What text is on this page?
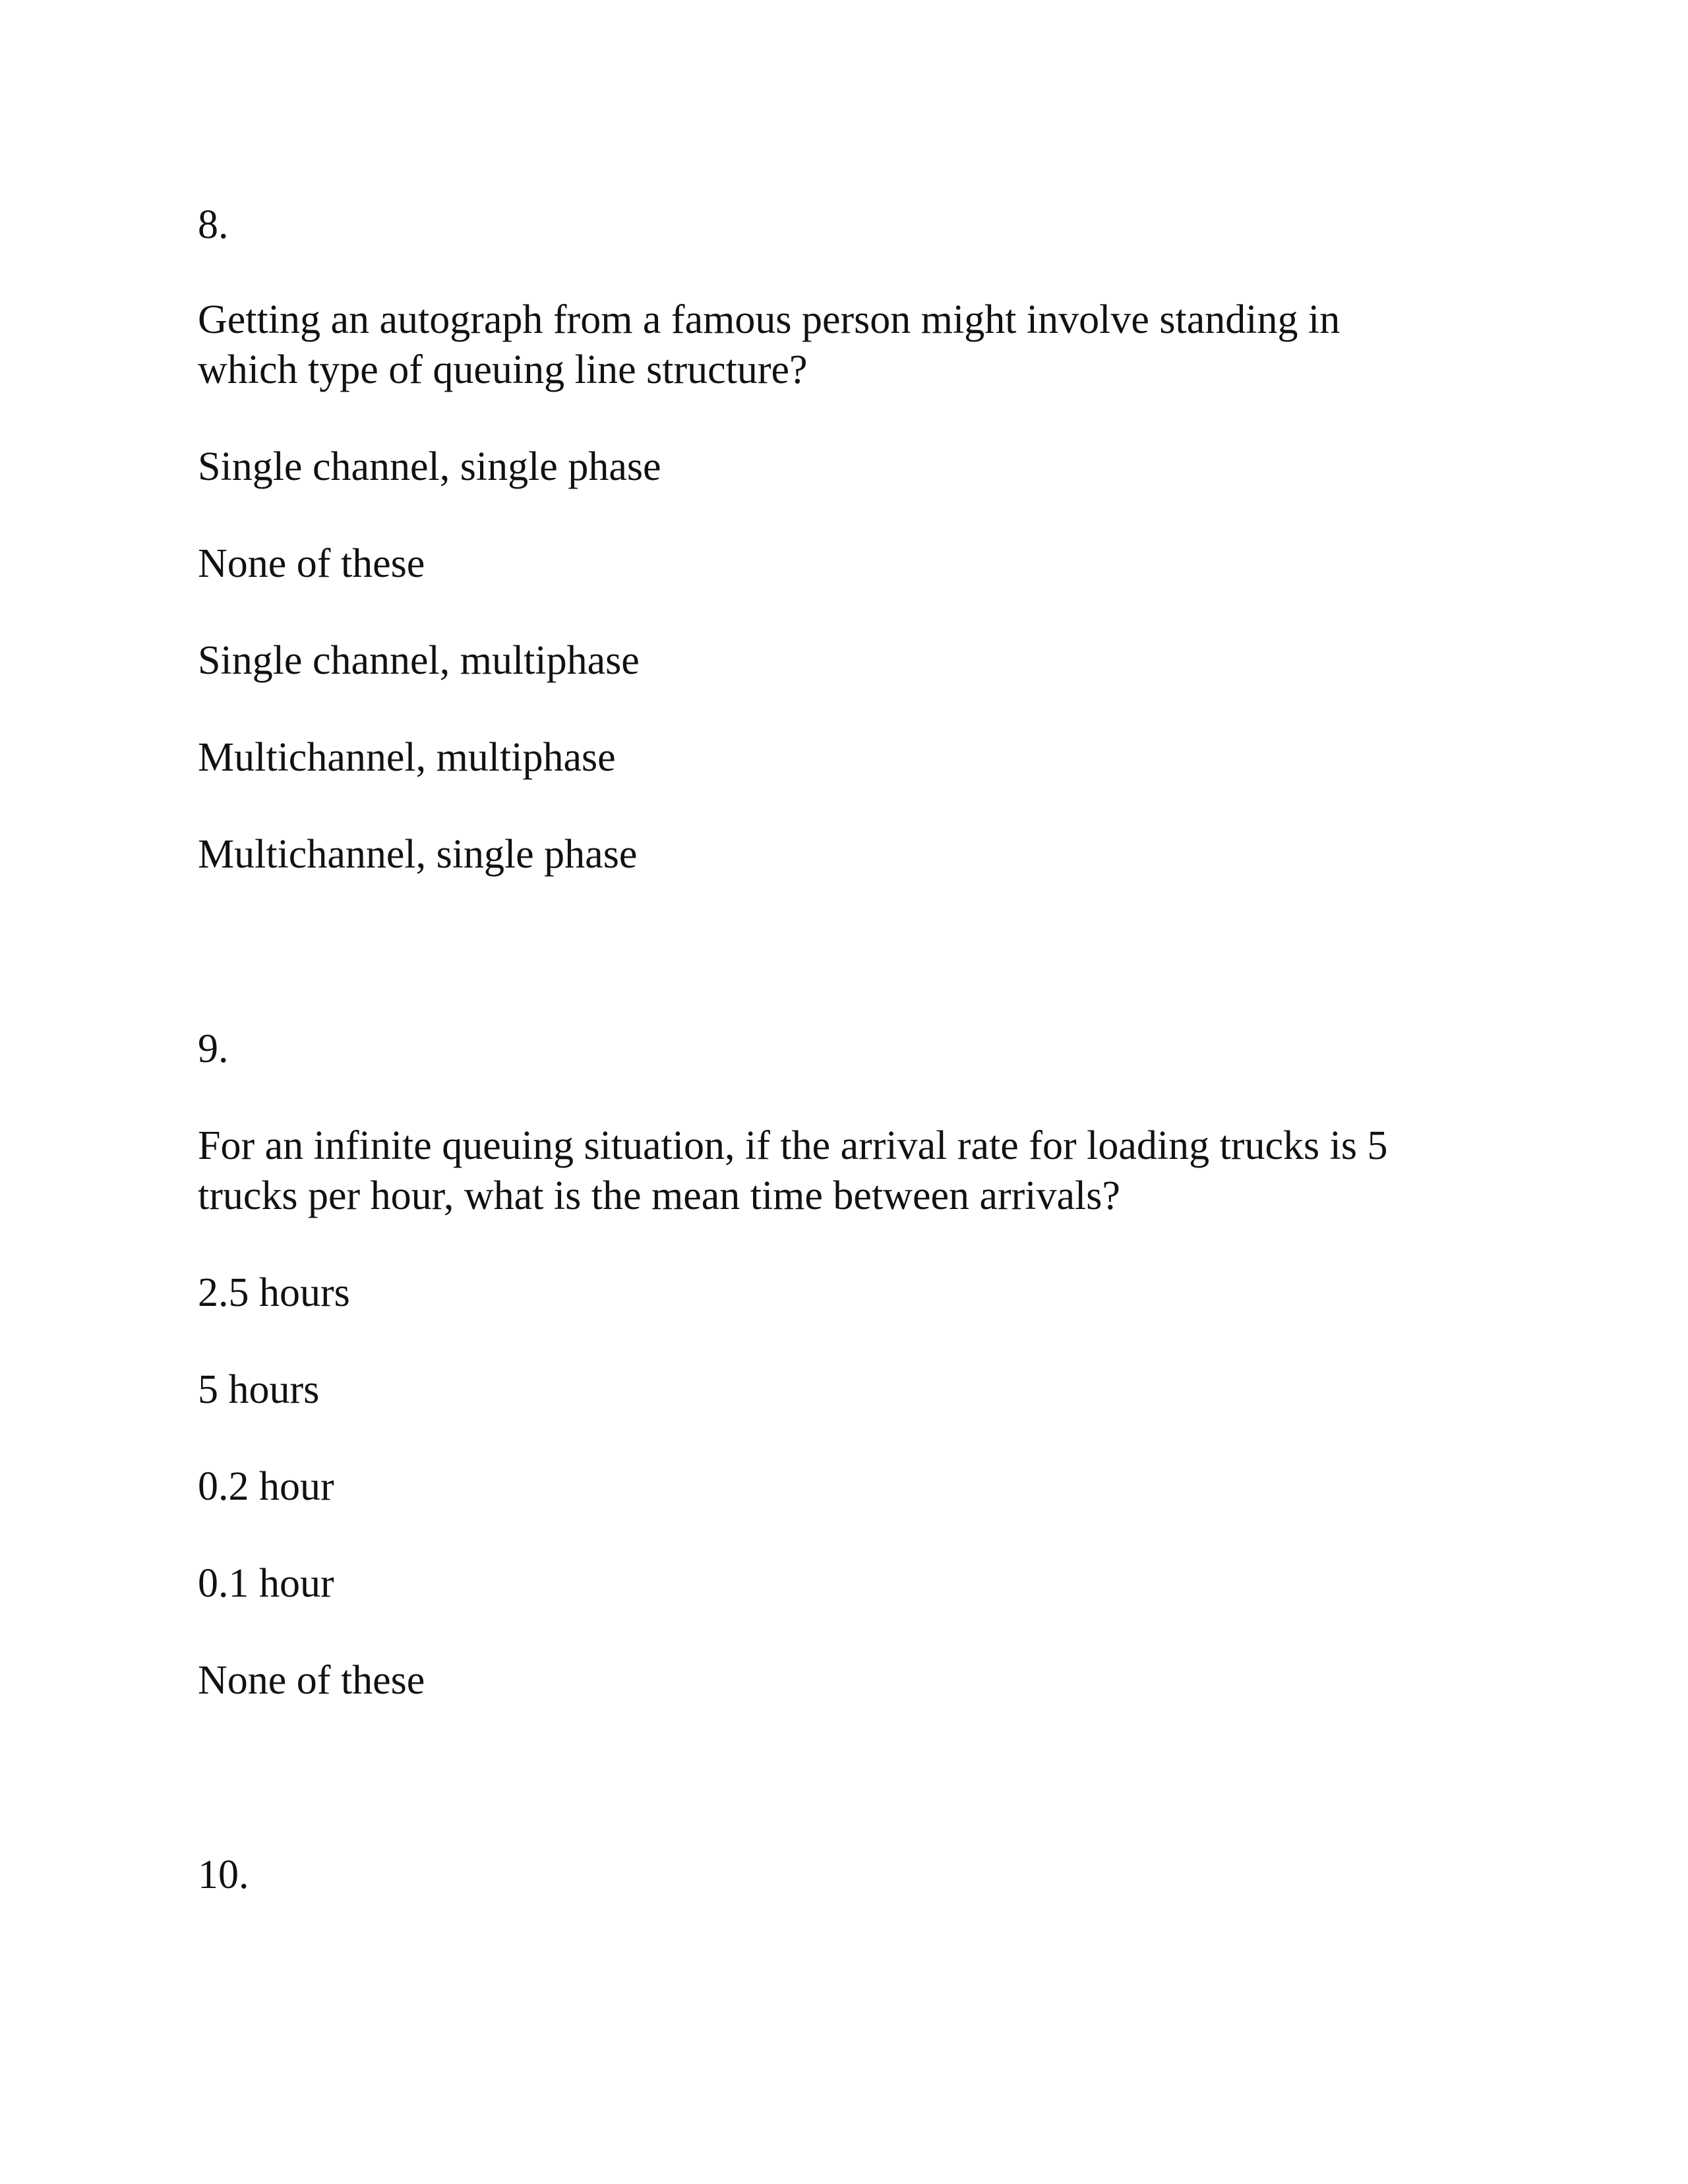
8.
Getting an autograph from a famous person might involve standing in
which type of queuing line structure?
Single channel, single phase
None of these
Single channel, multiphase
Multichannel, multiphase
Multichannel, single phase
9.
For an infinite queuing situation, if the arrival rate for loading trucks is 5
trucks per hour, what is the mean time between arrivals?
2.5 hours
5 hours
0.2 hour
0.1 hour
None of these
10.
